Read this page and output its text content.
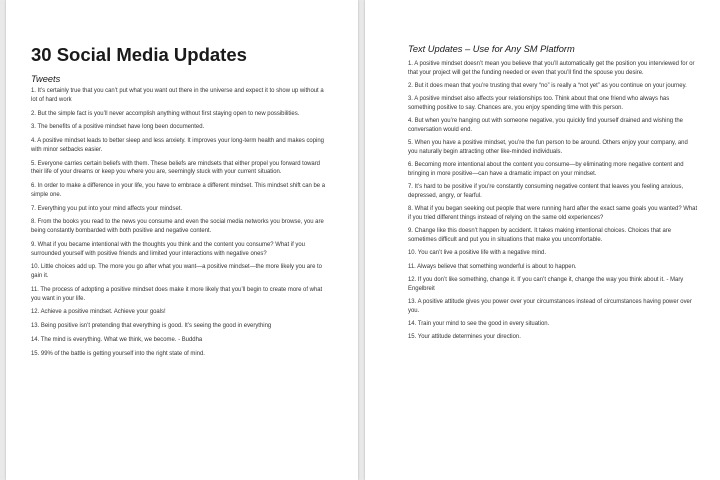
30 Social Media Updates
Tweets
1. It’s certainly true that you can’t put what you want out there in the universe and expect it to show up without a lot of hard work
2. But the simple fact is you’ll never accomplish anything without first staying open to new possibilities.
3. The benefits of a positive mindset have long been documented.
4. A positive mindset leads to better sleep and less anxiety. It improves your long-term health and makes coping with minor setbacks easier.
5. Everyone carries certain beliefs with them. These beliefs are mindsets that either propel you forward toward their life of your dreams or keep you where you are, seemingly stuck with your current situation.
6. In order to make a difference in your life, you have to embrace a different mindset. This mindset shift can be a simple one.
7. Everything you put into your mind affects your mindset.
8. From the books you read to the news you consume and even the social media networks you browse, you are being constantly bombarded with both positive and negative content.
9. What if you became intentional with the thoughts you think and the content you consume? What if you surrounded yourself with positive friends and limited your interactions with negative ones?
10. Little choices add up. The more you go after what you want—a positive mindset—the more likely you are to gain it.
11. The process of adopting a positive mindset does make it more likely that you’ll begin to create more of what you want in your life.
12. Achieve a positive mindset. Achieve your goals!
13. Being positive isn’t pretending that everything is good. It’s seeing the good in everything
14. The mind is everything. What we think, we become. - Buddha
15. 99% of the battle is getting yourself into the right state of mind.
Text Updates – Use for Any SM Platform
1. A positive mindset doesn’t mean you believe that you’ll automatically get the position you interviewed for or that your project will get the funding needed or even that you’ll find the spouse you desire.
2. But it does mean that you’re trusting that every “no” is really a “not yet” as you continue on your journey.
3. A positive mindset also affects your relationships too. Think about that one friend who always has something positive to say. Chances are, you enjoy spending time with this person.
4. But when you’re hanging out with someone negative, you quickly find yourself drained and wishing the conversation would end.
5. When you have a positive mindset, you’re the fun person to be around. Others enjoy your company, and you naturally begin attracting other like-minded individuals.
6. Becoming more intentional about the content you consume—by eliminating more negative content and bringing in more positive—can have a dramatic impact on your mindset.
7. It’s hard to be positive if you’re constantly consuming negative content that leaves you feeling anxious, depressed, angry, or fearful.
8. What if you began seeking out people that were running hard after the exact same goals you wanted? What if you tried different things instead of relying on the same old experiences?
9. Change like this doesn’t happen by accident. It takes making intentional choices. Choices that are sometimes difficult and put you in situations that make you uncomfortable.
10. You can’t live a positive life with a negative mind.
11. Always believe that something wonderful is about to happen.
12. If you don’t like something, change it. If you can’t change it, change the way you think about it. - Mary Engelbreit
13. A positive attitude gives you power over your circumstances instead of circumstances having power over you.
14. Train your mind to see the good in every situation.
15. Your attitude determines your direction.
